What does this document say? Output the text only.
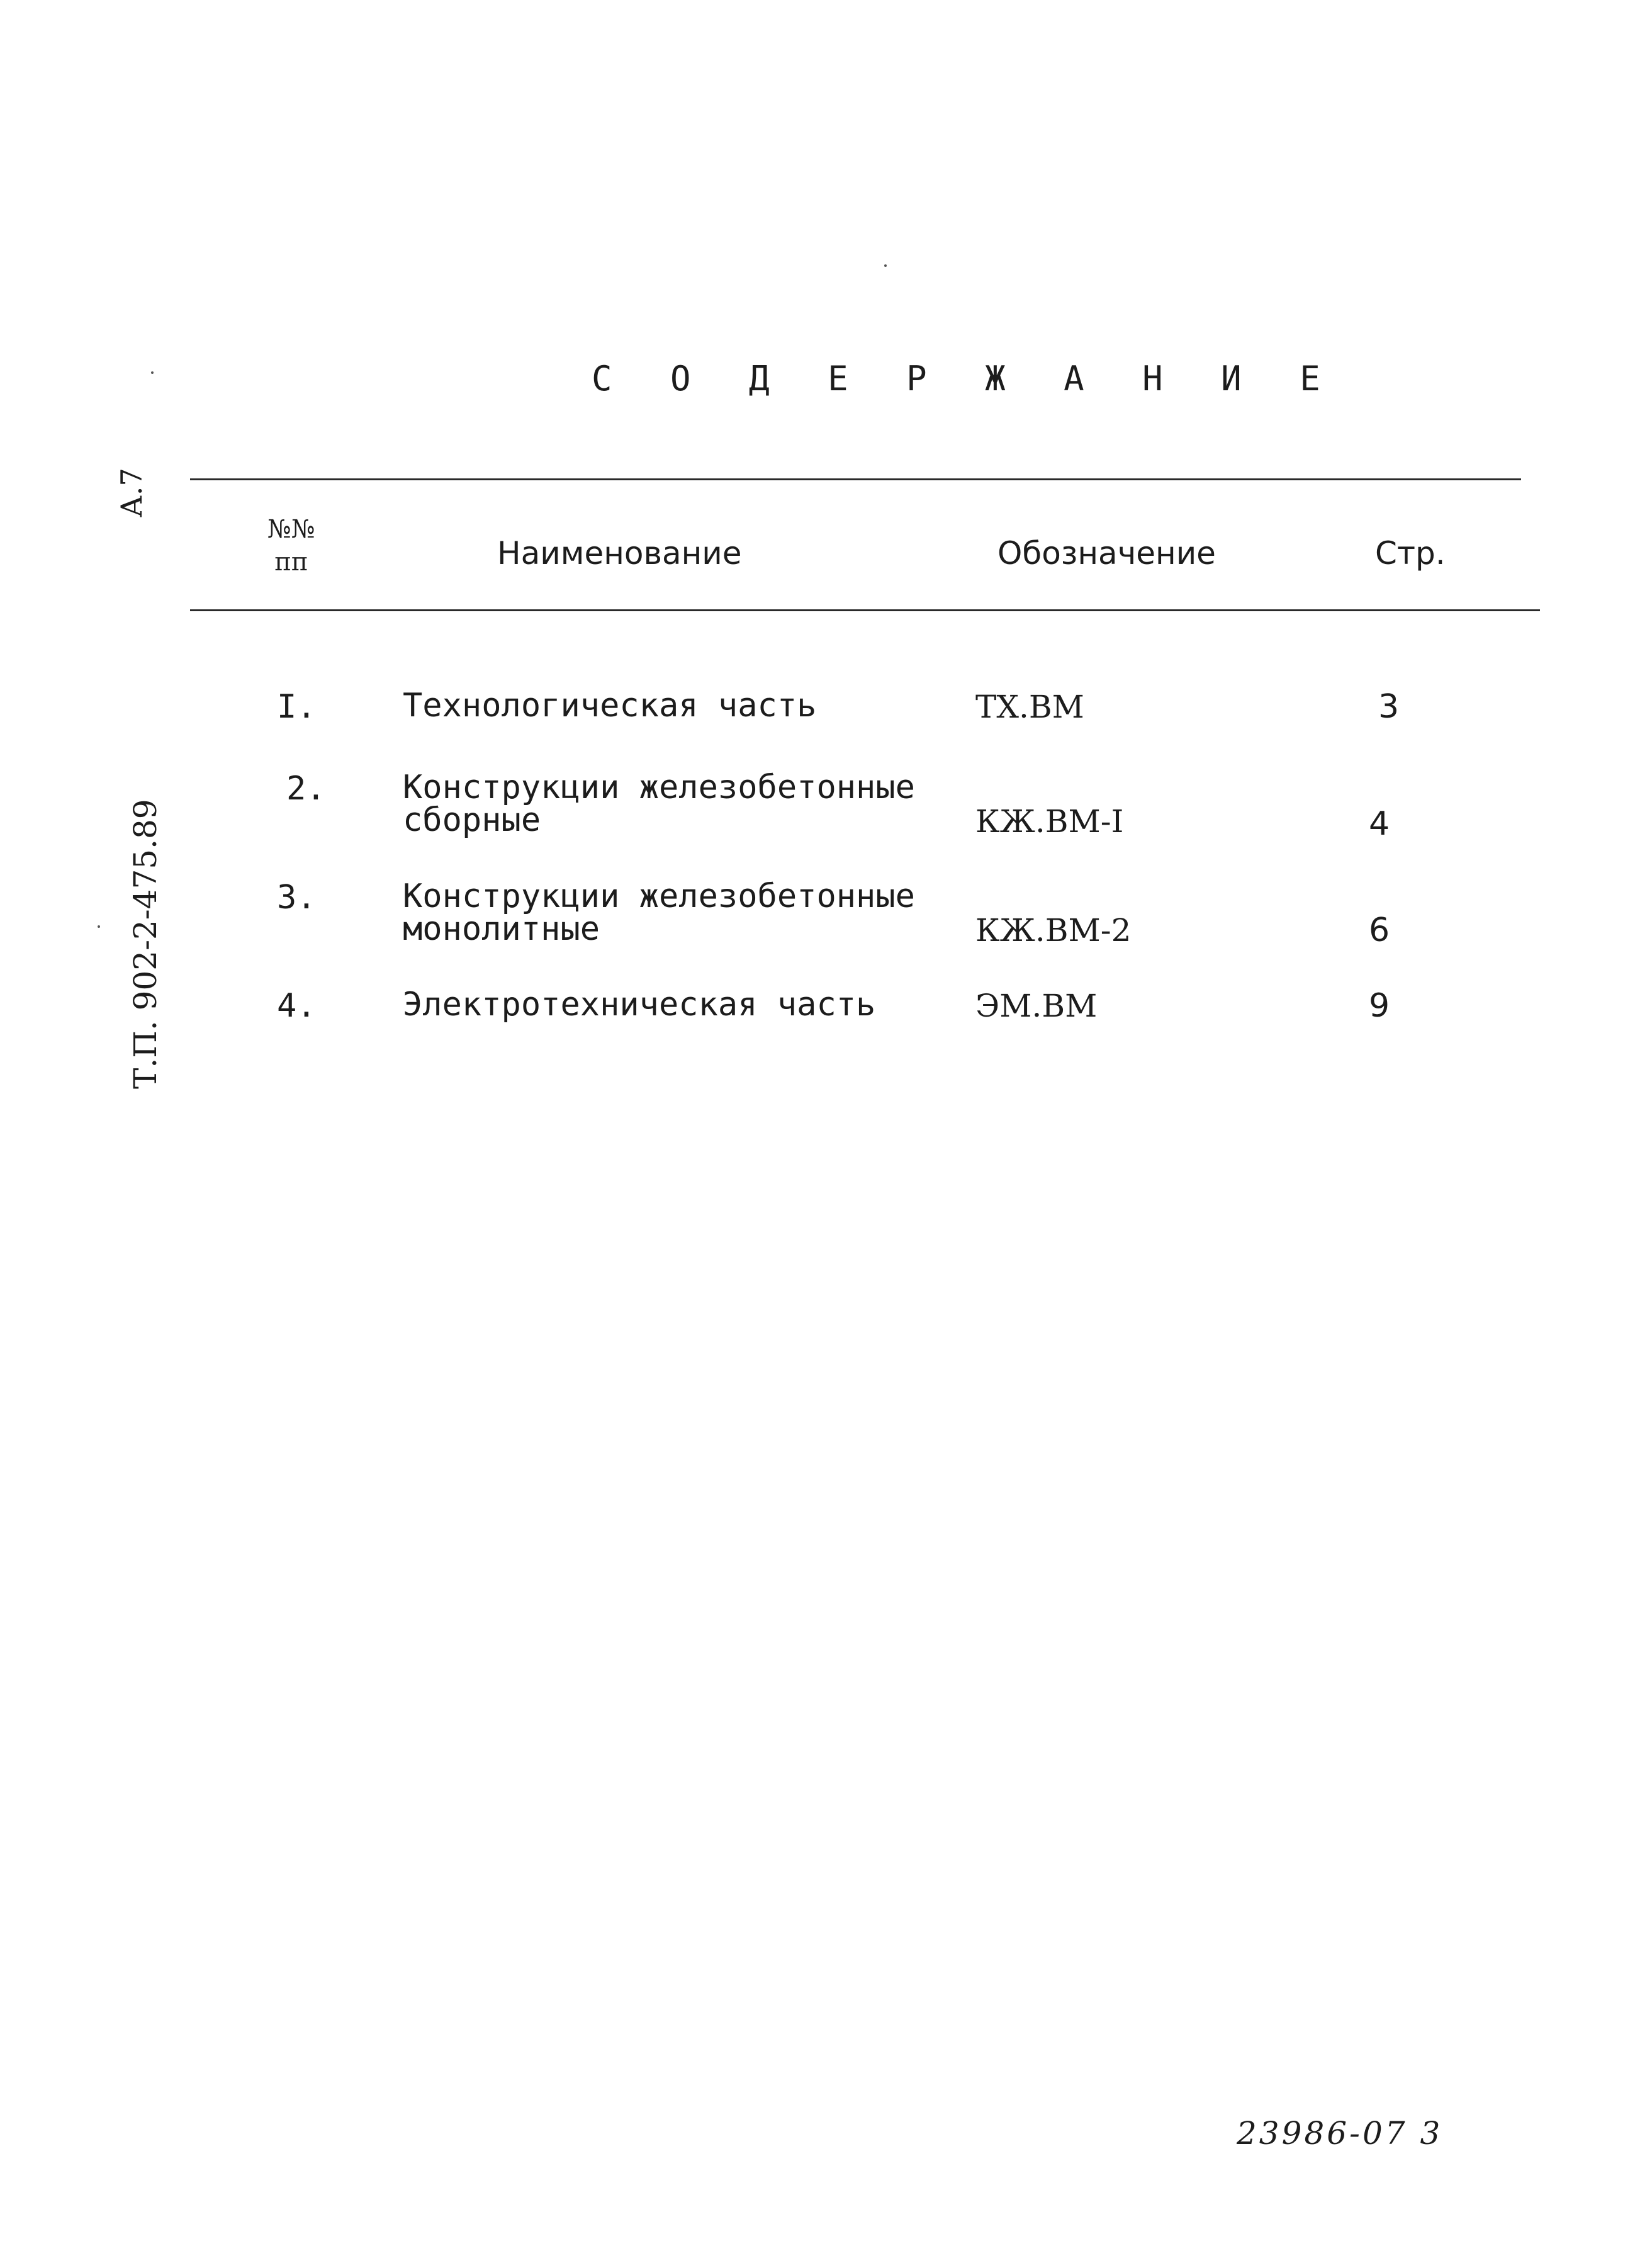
С О Д Е Р Ж А Н И Е
А.7
Т.П. 902-2-475.89
№№
пп	Наименование	Обозначение	Стр.
I.	Технологическая часть	ТХ.ВМ	3
2. Конструкции железобетонные
сборные	КЖ.ВМ-I	4
3.	Конструкции железобетонные
монолитные	КЖ.ВМ-2	6
4.	Электротехническая часть	ЭМ.ВМ	9
23986-07 3
